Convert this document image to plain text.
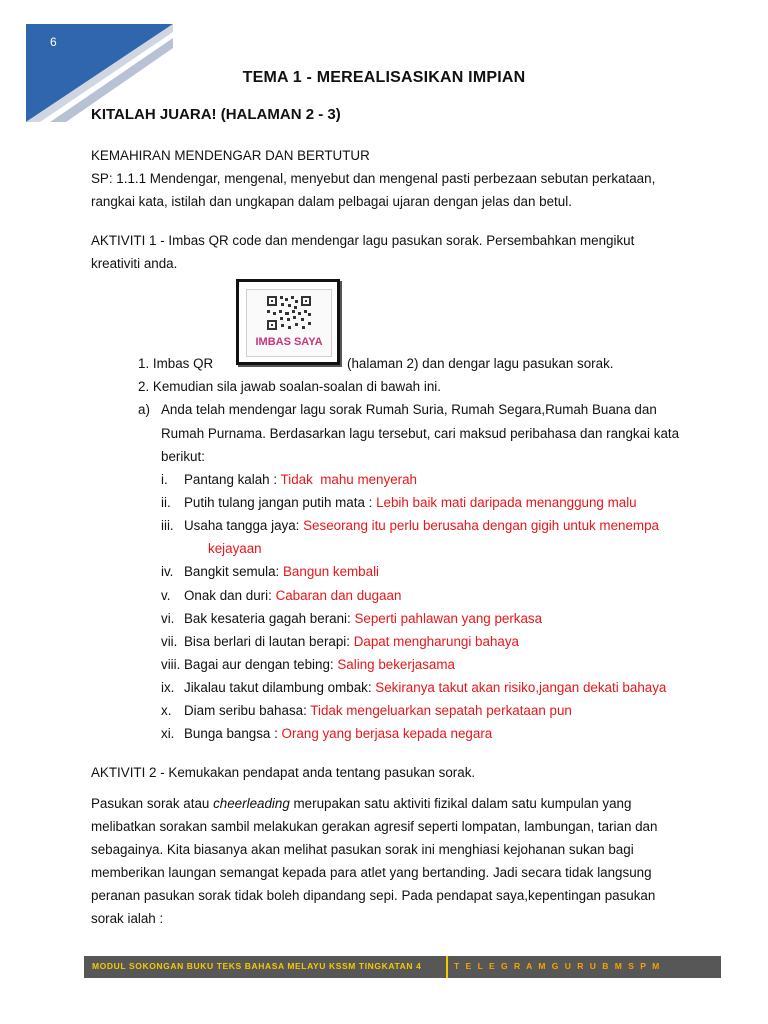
6
TEMA 1 - MEREALISASIKAN IMPIAN
KITALAH JUARA! (HALAMAN 2 - 3)
KEMAHIRAN MENDENGAR DAN BERTUTUR
SP: 1.1.1 Mendengar, mengenal, menyebut dan mengenal pasti perbezaan sebutan perkataan,
rangkai kata, istilah dan ungkapan dalam pelbagai ujaran dengan jelas dan betul.
AKTIVITI 1 - Imbas QR code dan mendengar lagu pasukan sorak. Persembahkan mengikut
kreativiti anda.
IMBAS SAYA
1. Imbas QR	(halaman 2) dan dengar lagu pasukan sorak.
2. Kemudian sila jawab soalan-soalan di bawah ini.
a) Anda telah mendengar lagu sorak Rumah Suria, Rumah Segara,Rumah Buana dan
Rumah Purnama. Berdasarkan lagu tersebut, cari maksud peribahasa dan rangkai kata
berikut:
i.	Pantang kalah : Tidak  mahu menyerah
ii. Putih tulang jangan putih mata : Lebih baik mati daripada menanggung malu
iii. Usaha tangga jaya: Seseorang itu perlu berusaha dengan gigih untuk menempa
kejayaan
iv. Bangkit semula: Bangun kembali
v.	Onak dan duri: Cabaran dan dugaan
vi. Bak kesateria gagah berani: Seperti pahlawan yang perkasa
vii. Bisa berlari di lautan berapi: Dapat mengharungi bahaya
viii. Bagai aur dengan tebing: Saling bekerjasama
ix. Jikalau takut dilambung ombak: Sekiranya takut akan risiko,jangan dekati bahaya
x. Diam seribu bahasa: Tidak mengeluarkan sepatah perkataan pun
xi. Bunga bangsa : Orang yang berjasa kepada negara
AKTIVITI 2 - Kemukakan pendapat anda tentang pasukan sorak.
Pasukan sorak atau cheerleading merupakan satu aktiviti fizikal dalam satu kumpulan yang
melibatkan sorakan sambil melakukan gerakan agresif seperti lompatan, lambungan, tarian dan
sebagainya. Kita biasanya akan melihat pasukan sorak ini menghiasi kejohanan sukan bagi
memberikan laungan semangat kepada para atlet yang bertanding. Jadi secara tidak langsung
peranan pasukan sorak tidak boleh dipandang sepi. Pada pendapat saya,kepentingan pasukan
sorak ialah :
MODUL SOKONGAN BUKU TEKS BAHASA MELAYU KSSM TINGKATAN 4	T E L E G R A M G U R U B M S P M
